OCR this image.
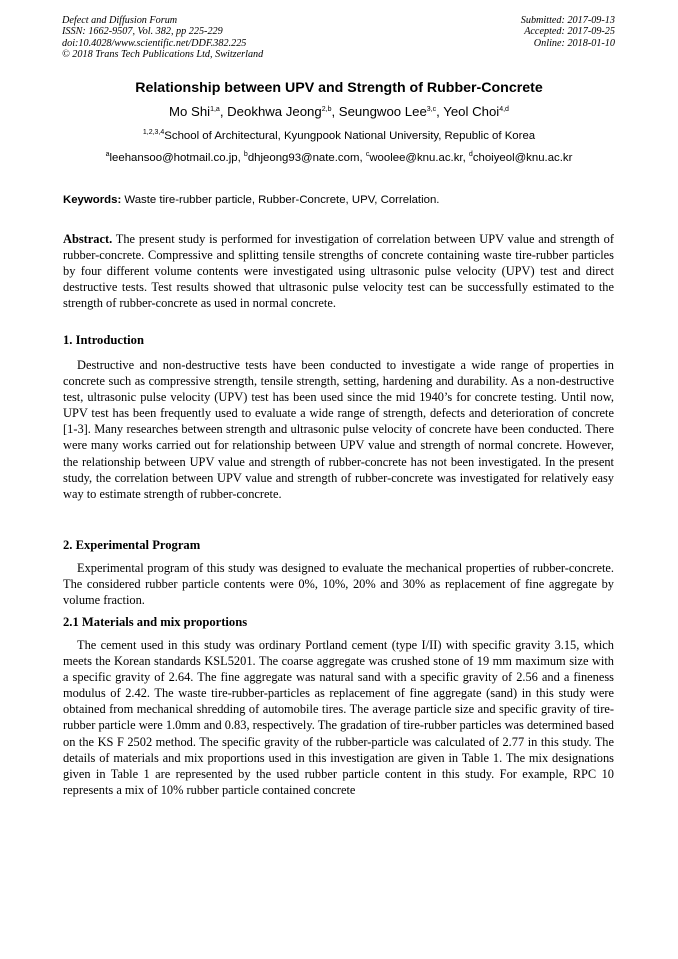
Defect and Diffusion Forum
ISSN: 1662-9507, Vol. 382, pp 225-229
doi:10.4028/www.scientific.net/DDF.382.225
© 2018 Trans Tech Publications Ltd, Switzerland
Submitted: 2017-09-13
Accepted: 2017-09-25
Online: 2018-01-10
Relationship between UPV and Strength of Rubber-Concrete
Mo Shi$^{1,a}$, Deokhwa Jeong$^{2,b}$, Seungwoo Lee$^{3,c}$, Yeol Choi$^{4,d}$
$^{1,2,3,4}$School of Architectural, Kyungpook National University, Republic of Korea
$^a$leehansoo@hotmail.co.jp, $^b$dhjeong93@nate.com, $^c$woolee@knu.ac.kr, $^d$choiyeol@knu.ac.kr
Keywords: Waste tire-rubber particle, Rubber-Concrete, UPV, Correlation.

Abstract. The present study is performed for investigation of correlation between UPV value and strength of rubber-concrete. Compressive and splitting tensile strengths of concrete containing waste tire-rubber particles by four different volume contents were investigated using ultrasonic pulse velocity (UPV) test and direct destructive tests. Test results showed that ultrasonic pulse velocity test can be successfully estimated to the strength of rubber-concrete as used in normal concrete.

1. Introduction

Destructive and non-destructive tests have been conducted to investigate a wide range of properties in concrete such as compressive strength, tensile strength, setting, hardening and durability. As a non-destructive test, ultrasonic pulse velocity (UPV) test has been used since the mid 1940’s for concrete testing. Until now, UPV test has been frequently used to evaluate a wide range of strength, defects and deterioration of concrete [1-3]. Many researches between strength and ultrasonic pulse velocity of concrete have been conducted. There were many works carried out for relationship between UPV value and strength of normal concrete. However, the relationship between UPV value and strength of rubber-concrete has not been investigated. In the present study, the correlation between UPV value and strength of rubber-concrete was investigated for relatively easy way to estimate strength of rubber-concrete.

2. Experimental Program

Experimental program of this study was designed to evaluate the mechanical properties of rubber-concrete. The considered rubber particle contents were 0%, 10%, 20% and 30% as replacement of fine aggregate by volume fraction.

2.1 Materials and mix proportions

The cement used in this study was ordinary Portland cement (type I/II) with specific gravity 3.15, which meets the Korean standards KSL5201. The coarse aggregate was crushed stone of 19 mm maximum size with a specific gravity of 2.64. The fine aggregate was natural sand with a specific gravity of 2.56 and a fineness modulus of 2.42. The waste tire-rubber-particles as replacement of fine aggregate (sand) in this study were obtained from mechanical shredding of automobile tires. The average particle size and specific gravity of tire-rubber particle were 1.0mm and 0.83, respectively. The gradation of tire-rubber particles was determined based on the KS F 2502 method. The specific gravity of the rubber-particle was calculated of 2.77 in this study. The details of materials and mix proportions used in this investigation are given in Table 1. The mix designations given in Table 1 are represented by the used rubber particle content in this study. For example, RPC 10 represents a mix of 10% rubber particle contained concrete
